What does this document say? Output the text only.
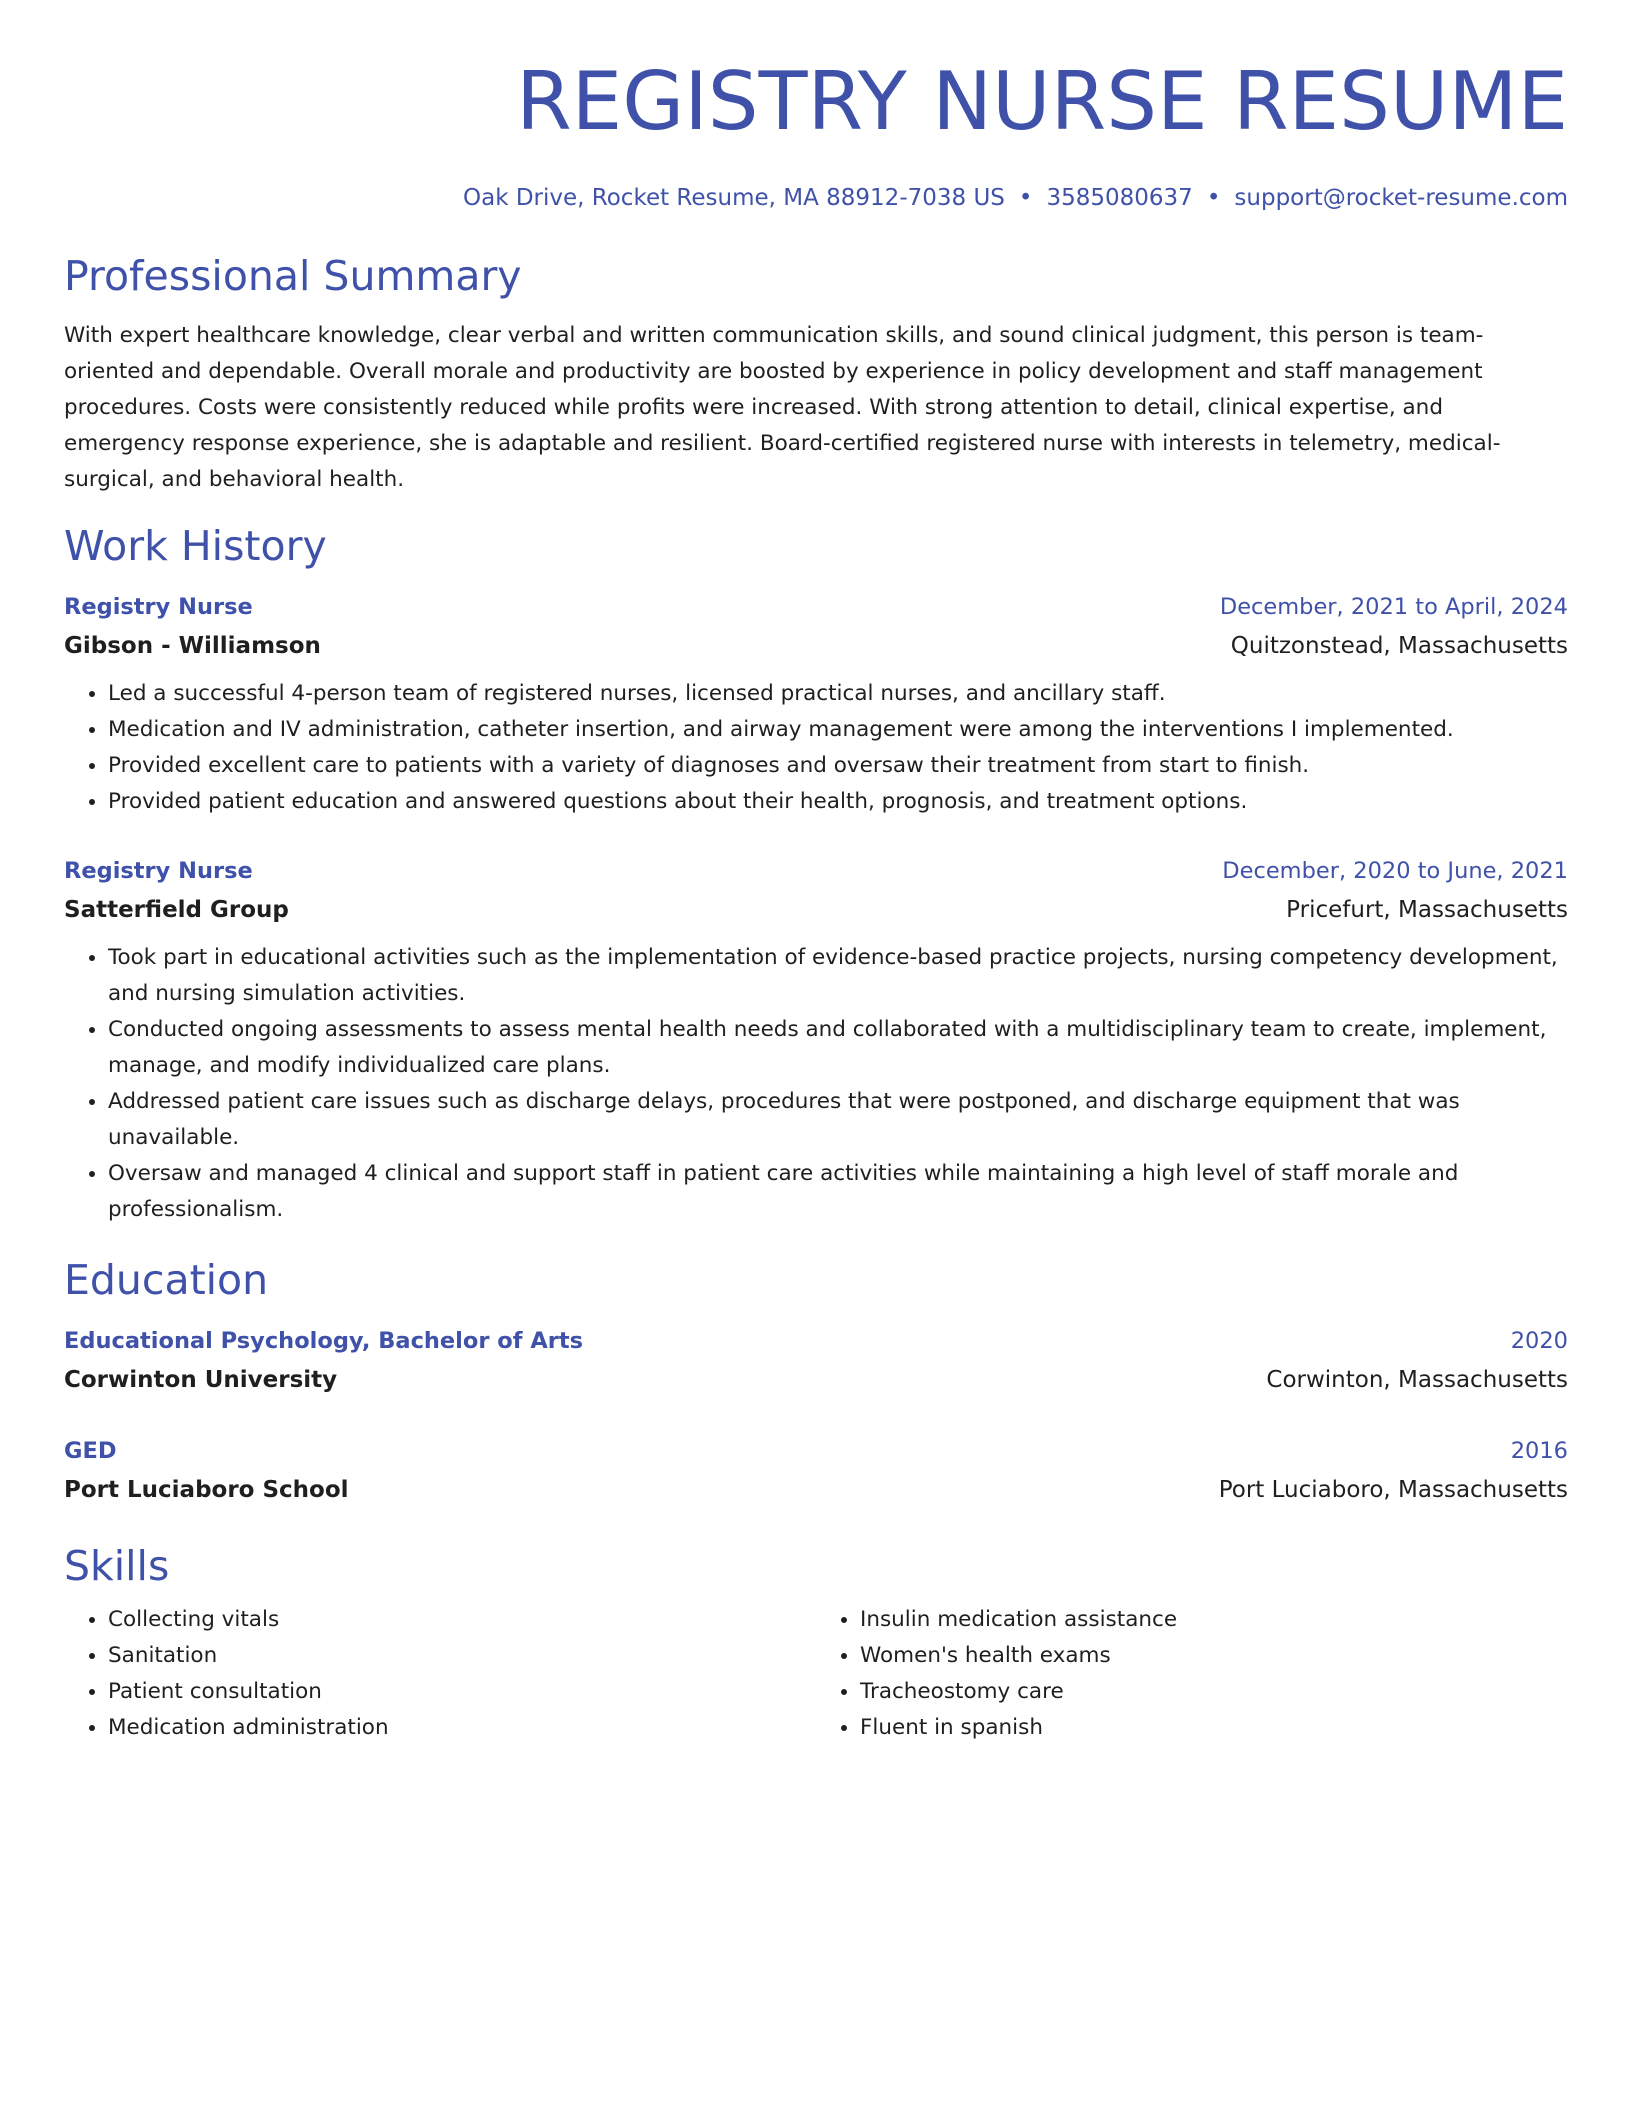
REGISTRY NURSE RESUME
Oak Drive, Rocket Resume, MA 88912-7038 US • 3585080637 • support@rocket-resume.com
Professional Summary

With expert healthcare knowledge, clear verbal and written communication skills, and sound clinical judgment, this person is team-oriented and dependable. Overall morale and productivity are boosted by experience in policy development and staff management procedures. Costs were consistently reduced while profits were increased. With strong attention to detail, clinical expertise, and emergency response experience, she is adaptable and resilient. Board-certified registered nurse with interests in telemetry, medical-surgical, and behavioral health.

Work History
Registry Nurse	December, 2021 to April, 2024
Gibson - Williamson	Quitzonstead, Massachusetts
• Led a successful 4-person team of registered nurses, licensed practical nurses, and ancillary staff.
• Medication and IV administration, catheter insertion, and airway management were among the interventions I implemented.
• Provided excellent care to patients with a variety of diagnoses and oversaw their treatment from start to finish.
• Provided patient education and answered questions about their health, prognosis, and treatment options.
Registry Nurse	December, 2020 to June, 2021
Satterfield Group	Pricefurt, Massachusetts
• Took part in educational activities such as the implementation of evidence-based practice projects, nursing competency development, and nursing simulation activities.
• Conducted ongoing assessments to assess mental health needs and collaborated with a multidisciplinary team to create, implement, manage, and modify individualized care plans.
• Addressed patient care issues such as discharge delays, procedures that were postponed, and discharge equipment that was unavailable.
• Oversaw and managed 4 clinical and support staff in patient care activities while maintaining a high level of staff morale and professionalism.
Education
Educational Psychology, Bachelor of Arts	2020
Corwinton University	Corwinton, Massachusetts
GED	2016
Port Luciaboro School	Port Luciaboro, Massachusetts
Skills
• Collecting vitals
• Sanitation
• Patient consultation
• Medication administration
• Insulin medication assistance
• Women's health exams
• Tracheostomy care
• Fluent in spanish
